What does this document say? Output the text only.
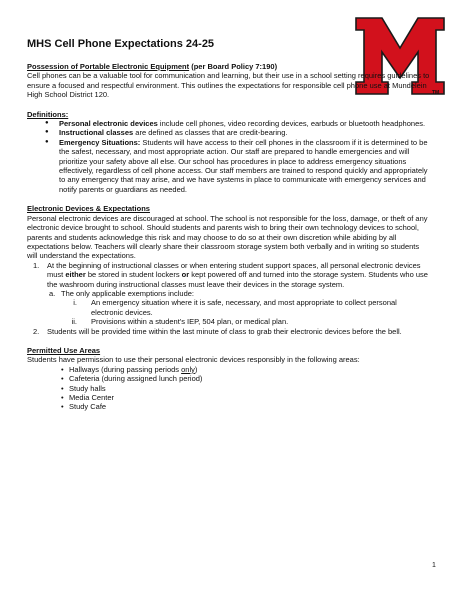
MHS Cell Phone Expectations 24-25
TM

Possession of Portable Electronic Equipment (per Board Policy 7:190)

Cell phones can be a valuable tool for communication and learning, but their use in a school setting requires guidelines to ensure a focused and respectful environment. This outlines the expectations for responsible cell phone use at Mundelein High School District 120.

Definitions:

● Personal electronic devices include cell phones, video recording devices, earbuds or bluetooth headphones.
● Instructional classes are defined as classes that are credit-bearing.
● Emergency Situations: Students will have access to their cell phones in the classroom if it is determined to be the safest, necessary, and most appropriate action. Our staff are prepared to handle emergencies and will prioritize your safety above all else. Our school has procedures in place to address emergency situations effectively, regardless of cell phone access. Our staff members are trained to respond quickly and appropriately to any emergency that may arise, and we have systems in place to communicate with emergency services and notify parents or guardians as needed.

Electronic Devices & Expectations

Personal electronic devices are discouraged at school. The school is not responsible for the loss, damage, or theft of any electronic device brought to school. Should students and parents wish to bring their own technology devices to school, parents and students acknowledge this risk and may choose to do so at their own discretion while abiding by all expectations below. Teachers will clearly share their classroom storage system both verbally and in writing so students will understand the expectations.

1. At the beginning of instructional classes or when entering student support spaces, all personal electronic devices must either be stored in student lockers or kept powered off and turned into the storage system. Students who use the washroom during instructional classes must leave their devices in the storage system.
a. The only applicable exemptions include:
i. An emergency situation where it is safe, necessary, and most appropriate to collect personal electronic devices.
ii. Provisions within a student's IEP, 504 plan, or medical plan.
2. Students will be provided time within the last minute of class to grab their electronic devices before the bell.

Permitted Use Areas

Students have permission to use their personal electronic devices responsibly in the following areas:

• Hallways (during passing periods only)
• Cafeteria (during assigned lunch period)
• Study halls
• Media Center
• Study Cafe
1
